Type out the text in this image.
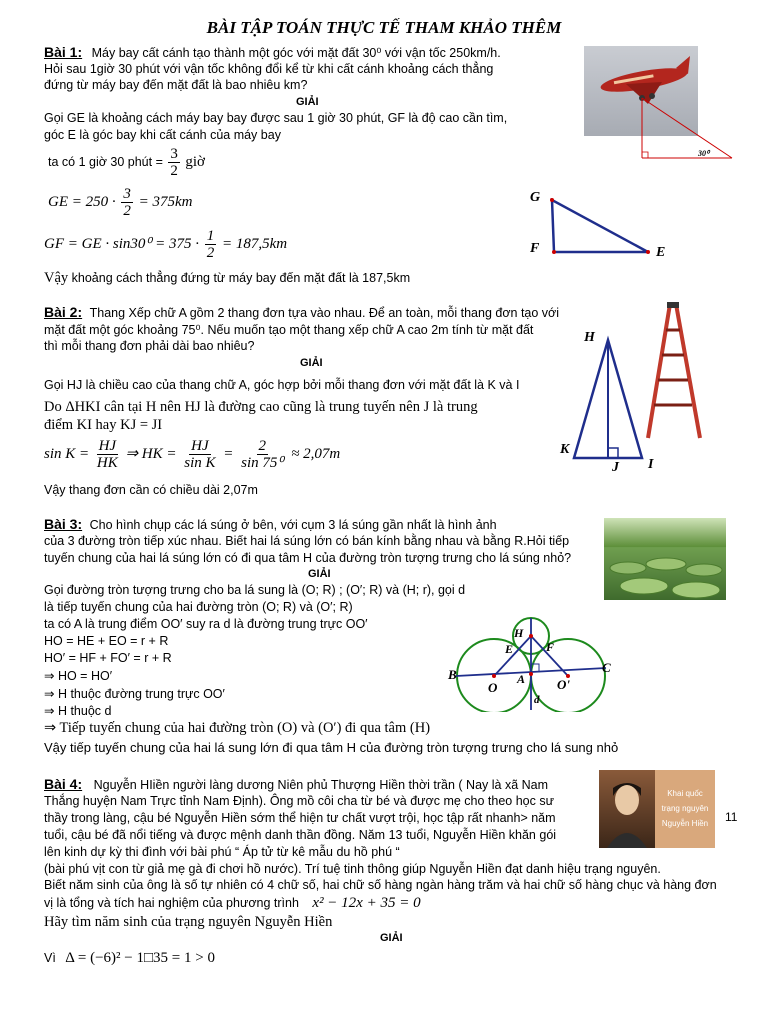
BÀI TẬP TOÁN THỰC TẾ THAM KHẢO THÊM
Bài 1: Máy bay cất cánh tạo thành một góc với mặt đất 30⁰ với vận tốc 250km/h.
Hỏi sau 1giờ 30 phút với vận tốc không đổi kể từ khi cất cánh khoảng cách thẳng
đứng từ máy bay đến mặt đất là bao nhiêu km?
GIẢI
Gọi GE là khoảng cách máy bay bay được sau 1 giờ 30 phút, GF là độ cao cần tìm,
góc E là góc bay khi cất cánh của máy bay
ta có 1 giờ 30 phút = $\frac{3}{2}$ giờ
GE = $250 \cdot \frac{3}{2} = 375km$
GF = GE · $\sin 30^0 = 375 \cdot \frac{1}{2} = 187,5km$
Vậy khoảng cách thẳng đứng từ máy bay đến mặt đất là 187,5km
30⁰
G
F	E
Bài 2: Thang Xếp chữ A gồm 2 thang đơn tựa vào nhau. Để an toàn, mỗi thang đơn tạo với
mặt đất một góc khoảng 75⁰. Nếu muốn tạo một thang xếp chữ A cao 2m tính từ mặt đất
thì mỗi thang đơn phải dài bao nhiêu?
GIẢI
Gọi HJ là chiều cao của thang chữ A, góc hợp bởi mỗi thang đơn với mặt đất là K và I
Do ΔHKI cân tại H nên HJ là đường cao cũng là trung tuyến nên J là trung
điểm KI hay KJ = JI
$\sin K = \frac{HJ}{HK}$ ⇒ HK = $\frac{HJ}{\text{sin K}} = \frac{2}{\text{sin 75⁰}} \approx 2,07m$
Vậy thang đơn cần có chiều dài 2,07m
H
K
J I
Bài 3: Cho hình chụp các lá súng ở bên, với cụm 3 lá súng gần nhất là hình ảnh
của 3 đường tròn tiếp xúc nhau. Biết hai lá súng lớn có bán kính bằng nhau và bằng R.Hỏi tiếp
tuyến chung của hai lá súng lớn có đi qua tâm H của đường tròn tượng trưng cho lá súng nhỏ?
GIẢI
Gọi đường tròn tượng trưng cho ba lá sung là (O; R) ; (O′; R) và (H; r), gọi d
là tiếp tuyến chung của hai đường tròn (O; R) và (O′; R)
ta có A là trung điểm OO′ suy ra d là đường trung trực OO′
HO = HE + EO = r + R
HO′ = HF + FO′ = r + R
⇒ HO = HO′
⇒ H thuộc đường trung trực OO′
⇒ H thuộc d
⇒ Tiếp tuyến chung của hai đường tròn (O) và (O′) đi qua tâm (H)
Vậy tiếp tuyến chung của hai lá sung lớn đi qua tâm H của đường tròn tượng trưng cho lá sung nhỏ
H
E	F
B	C
O
A O'
d
Bài 4: Nguyễn HIiền người làng dương Niên phủ Thượng Hiền thời trần ( Nay là xã Nam
Thắng huyện Nam Trực tỉnh Nam Định). Ông mồ côi cha từ bé và được mẹ cho theo học sư
thầy trong làng, cậu bé Nguyễn Hiền sớm thể hiện tư chất vượt trội, học tập rất nhanh> năm
tuổi, cậu bé đã nổi tiếng và được mệnh danh thần đồng. Năm 13 tuổi, Nguyễn Hiền khăn gói
lên kinh dự kỳ thi đình với bài phú “ Áp tử từ kê mẫu du hồ phú “
(bài phú vịt con từ giả mẹ gà đi chơi hồ nước). Trí tuệ tinh thông giúp Nguyễn Hiền đạt danh hiệu trạng nguyên.
Biết năm sinh của ông là số tự nhiên có 4 chữ số, hai chữ số hàng ngàn hàng trăm và hai chữ số hàng chục và hàng đơn
vị là tổng và tích hai nghiệm của phương trình x² − 12x + 35 = 0
Hãy tìm năm sinh của trạng nguyên Nguyễn Hiền
GIẢI
Vì Δ = (−6)² − 1□35 = 1 > 0
Khai quốc
trạng nguyên
Nguyễn Hiền	11
